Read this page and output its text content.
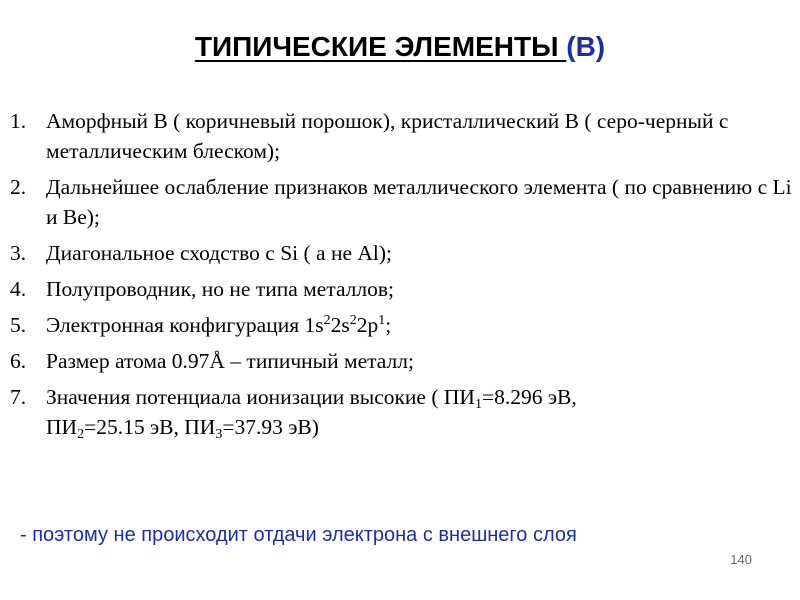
ТИПИЧЕСКИЕ ЭЛЕМЕНТЫ (В)
1. Аморфный В ( коричневый порошок), кристаллический В ( серо-черный с металлическим блеском);
2. Дальнейшее ослабление признаков металлического элемента ( по сравнению с Li и Be);
3. Диагональное сходство с Si ( а не Al);
4. Полупроводник, но не типа металлов;
5. Электронная конфигурация $1s^22s^22p^1$;
6. Размер атома 0.97Å – типичный металл;
7. Значения потенциала ионизации высокие ( $ПИ_1=8.296$ эВ,
$ПИ_2=25.15$ эВ, $ПИ_3=37.93$ эВ)
- поэтому не происходит отдачи электрона с внешнего слоя
140
